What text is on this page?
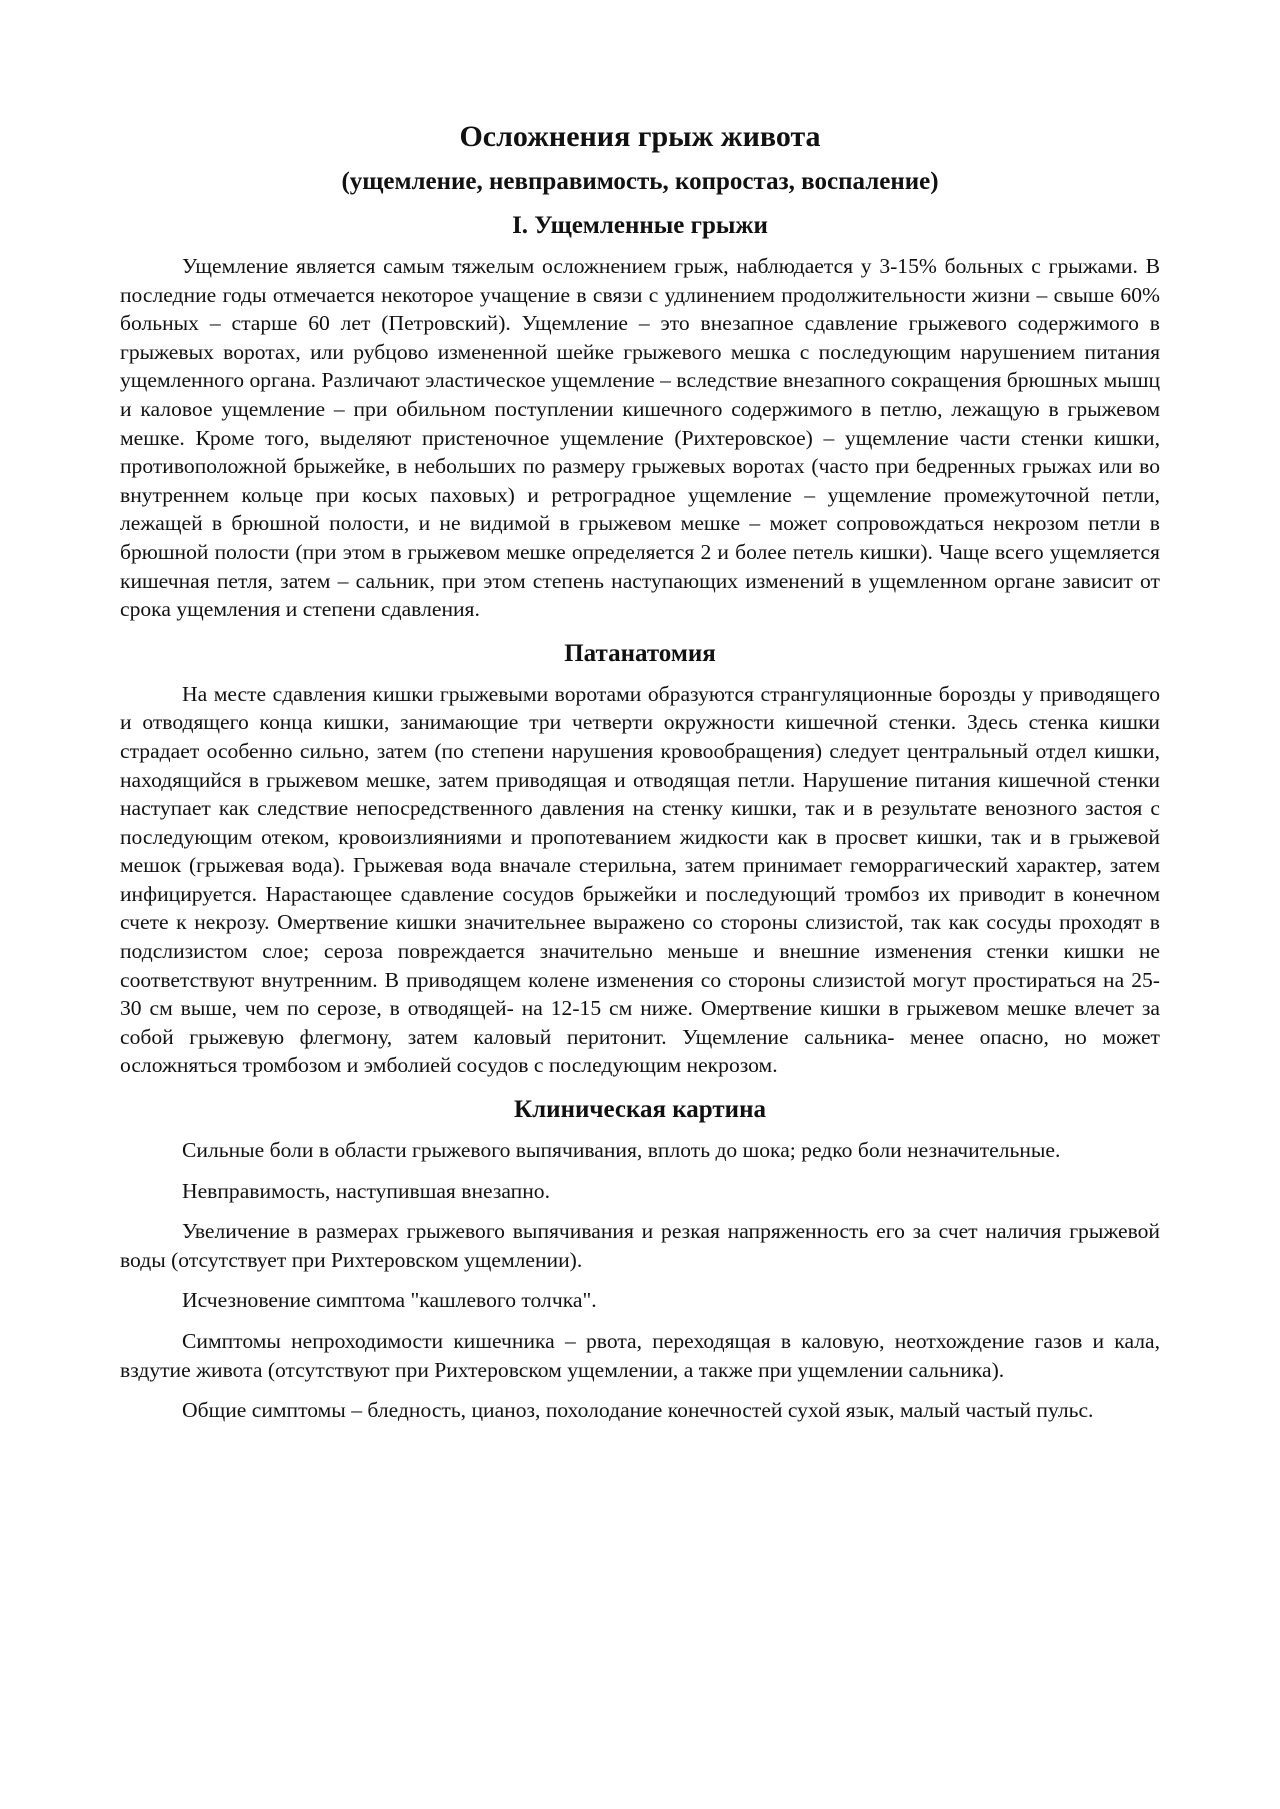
Осложнения грыж живота
(ущемление, невправимость, копростаз, воспаление)
I. Ущемленные грыжи

Ущемление является самым тяжелым осложнением грыж, наблюдается у 3-15% больных с грыжами. В последние годы отмечается некоторое учащение в связи с удлинением продолжительности жизни – свыше 60% больных – старше 60 лет (Петровский). Ущемление – это внезапное сдавление грыжевого содержимого в грыжевых воротах, или рубцово измененной шейке грыжевого мешка с последующим нарушением питания ущемленного органа. Различают эластическое ущемление – вследствие внезапного сокращения брюшных мышц и каловое ущемление – при обильном поступлении кишечного содержимого в петлю, лежащую в грыжевом мешке. Кроме того, выделяют пристеночное ущемление (Рихтеровское) – ущемление части стенки кишки, противоположной брыжейке, в небольших по размеру грыжевых воротах (часто при бедренных грыжах или во внутреннем кольце при косых паховых) и ретроградное ущемление – ущемление промежуточной петли, лежащей в брюшной полости, и не видимой в грыжевом мешке – может сопровождаться некрозом петли в брюшной полости (при этом в грыжевом мешке определяется 2 и более петель кишки). Чаще всего ущемляется кишечная петля, затем – сальник, при этом степень наступающих изменений в ущемленном органе зависит от срока ущемления и степени сдавления.

Патанатомия

На месте сдавления кишки грыжевыми воротами образуются странгуляционные борозды у приводящего и отводящего конца кишки, занимающие три четверти окружности кишечной стенки. Здесь стенка кишки страдает особенно сильно, затем (по степени нарушения кровообращения) следует центральный отдел кишки, находящийся в грыжевом мешке, затем приводящая и отводящая петли. Нарушение питания кишечной стенки наступает как следствие непосредственного давления на стенку кишки, так и в результате венозного застоя с последующим отеком, кровоизлияниями и пропотеванием жидкости как в просвет кишки, так и в грыжевой мешок (грыжевая вода). Грыжевая вода вначале стерильна, затем принимает геморрагический характер, затем инфицируется. Нарастающее сдавление сосудов брыжейки и последующий тромбоз их приводит в конечном счете к некрозу. Омертвение кишки значительнее выражено со стороны слизистой, так как сосуды проходят в подслизистом слое; сероза повреждается значительно меньше и внешние изменения стенки кишки не соответствуют внутренним. В приводящем колене изменения со стороны слизистой могут простираться на 25-30 см выше, чем по серозе, в отводящей- на 12-15 см ниже. Омертвение кишки в грыжевом мешке влечет за собой грыжевую флегмону, затем каловый перитонит. Ущемление сальника- менее опасно, но может осложняться тромбозом и эмболией сосудов с последующим некрозом.

Клиническая картина

Сильные боли в области грыжевого выпячивания, вплоть до шока; редко боли незначительные.

Невправимость, наступившая внезапно.

Увеличение в размерах грыжевого выпячивания и резкая напряженность его за счет наличия грыжевой воды (отсутствует при Рихтеровском ущемлении).

Исчезновение симптома "кашлевого толчка".

Симптомы непроходимости кишечника – рвота, переходящая в каловую, неотхождение газов и кала, вздутие живота (отсутствуют при Рихтеровском ущемлении, а также при ущемлении сальника).

Общие симптомы – бледность, цианоз, похолодание конечностей сухой язык, малый частый пульс.
